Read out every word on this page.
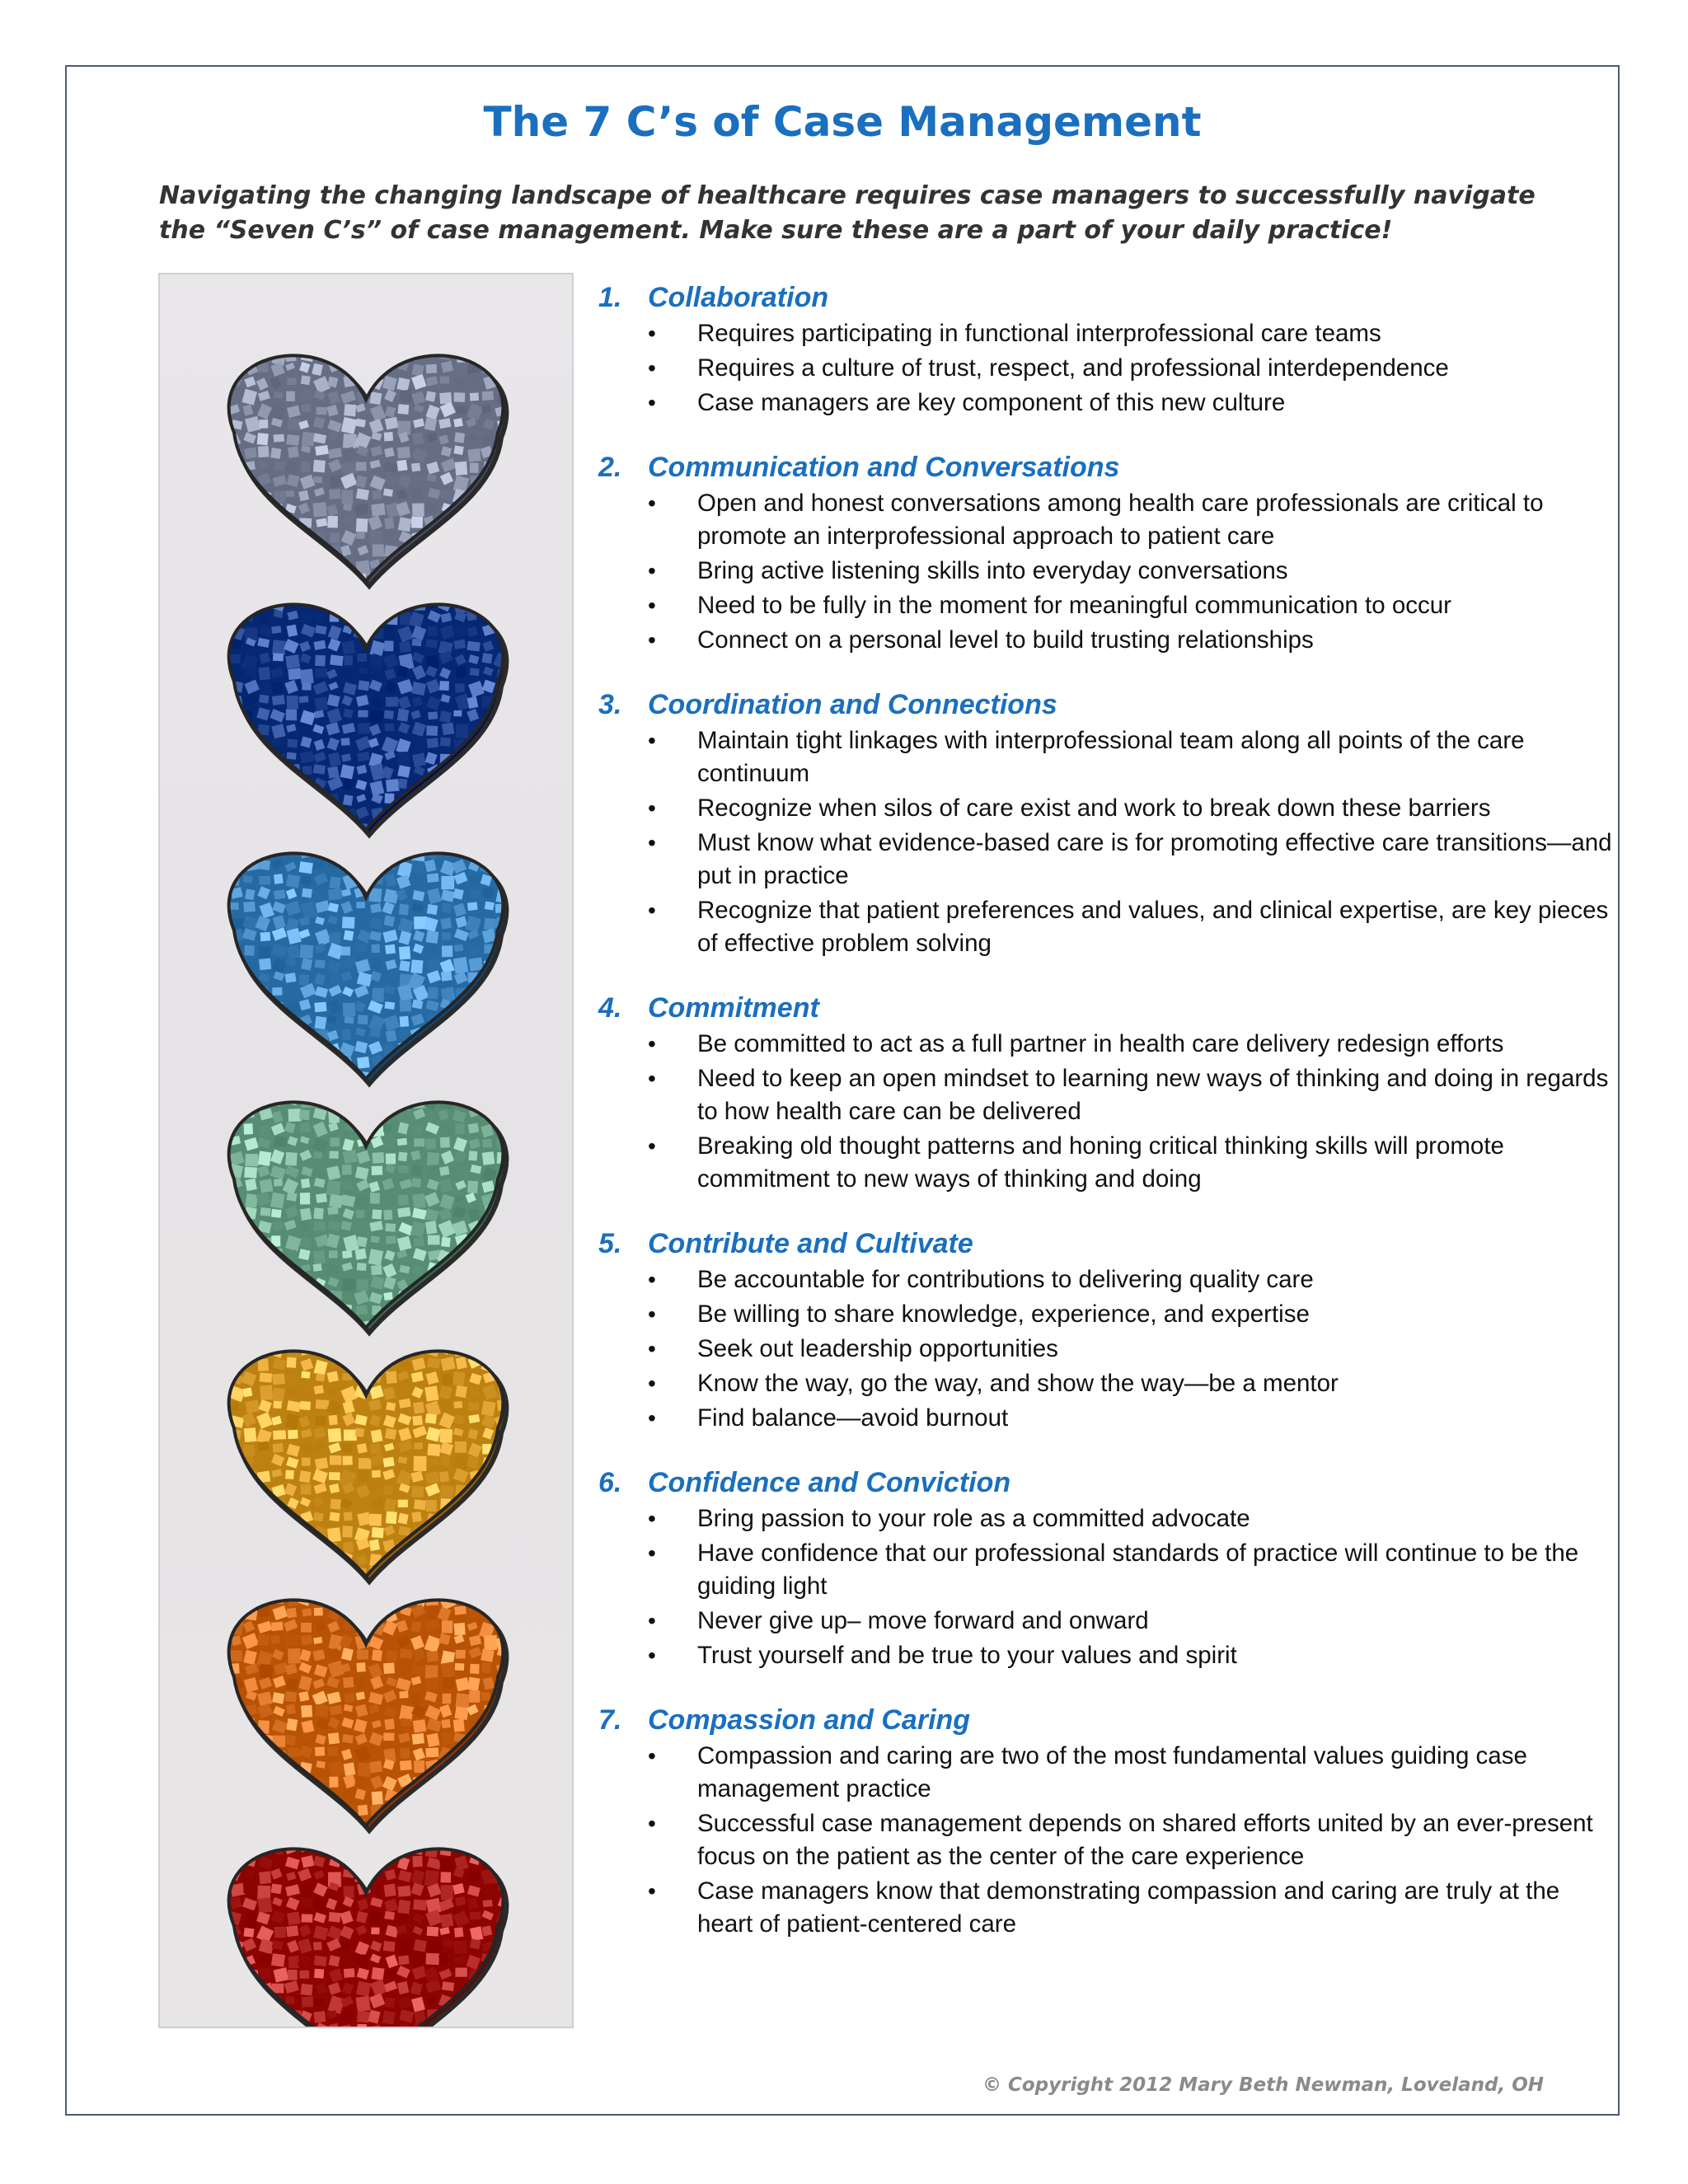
The 7 C’s of Case Management
Navigating the changing landscape of healthcare requires case managers to successfully navigate the “Seven C’s” of case management. Make sure these are a part of your daily practice!
1. Collaboration
•	Requires participating in functional interprofessional care teams
•	Requires a culture of trust, respect, and professional interdependence
•	Case managers are key component of this new culture
2. Communication and Conversations
•	Open and honest conversations among health care professionals are critical to promote an interprofessional approach to patient care
•	Bring active listening skills into everyday conversations
•	Need to be fully in the moment for meaningful communication to occur
•	Connect on a personal level to build trusting relationships
3. Coordination and Connections
•	Maintain tight linkages with interprofessional team along all points of the care continuum
•	Recognize when silos of care exist and work to break down these barriers
•	Must know what evidence-based care is for promoting effective care transitions—and put in practice
•	Recognize that patient preferences and values, and clinical expertise, are key pieces of effective problem solving
4. Commitment
•	Be committed to act as a full partner in health care delivery redesign efforts
•	Need to keep an open mindset to learning new ways of thinking and doing in regards to how health care can be delivered
•	Breaking old thought patterns and honing critical thinking skills will promote commitment to new ways of thinking and doing
5. Contribute and Cultivate
•	Be accountable for contributions to delivering quality care
•	Be willing to share knowledge, experience, and expertise
•	Seek out leadership opportunities
•	Know the way, go the way, and show the way—be a mentor
•	Find balance—avoid burnout
6. Confidence and Conviction
•	Bring passion to your role as a committed advocate
•	Have confidence that our professional standards of practice will continue to be the guiding light
•	Never give up– move forward and onward
•	Trust yourself and be true to your values and spirit
7. Compassion and Caring
•	Compassion and caring are two of the most fundamental values guiding case management practice
•	Successful case management depends on shared efforts united by an ever-present focus on the patient as the center of the care experience
•	Case managers know that demonstrating compassion and caring are truly at the heart of patient-centered care
© Copyright 2012 Mary Beth Newman, Loveland, OH
